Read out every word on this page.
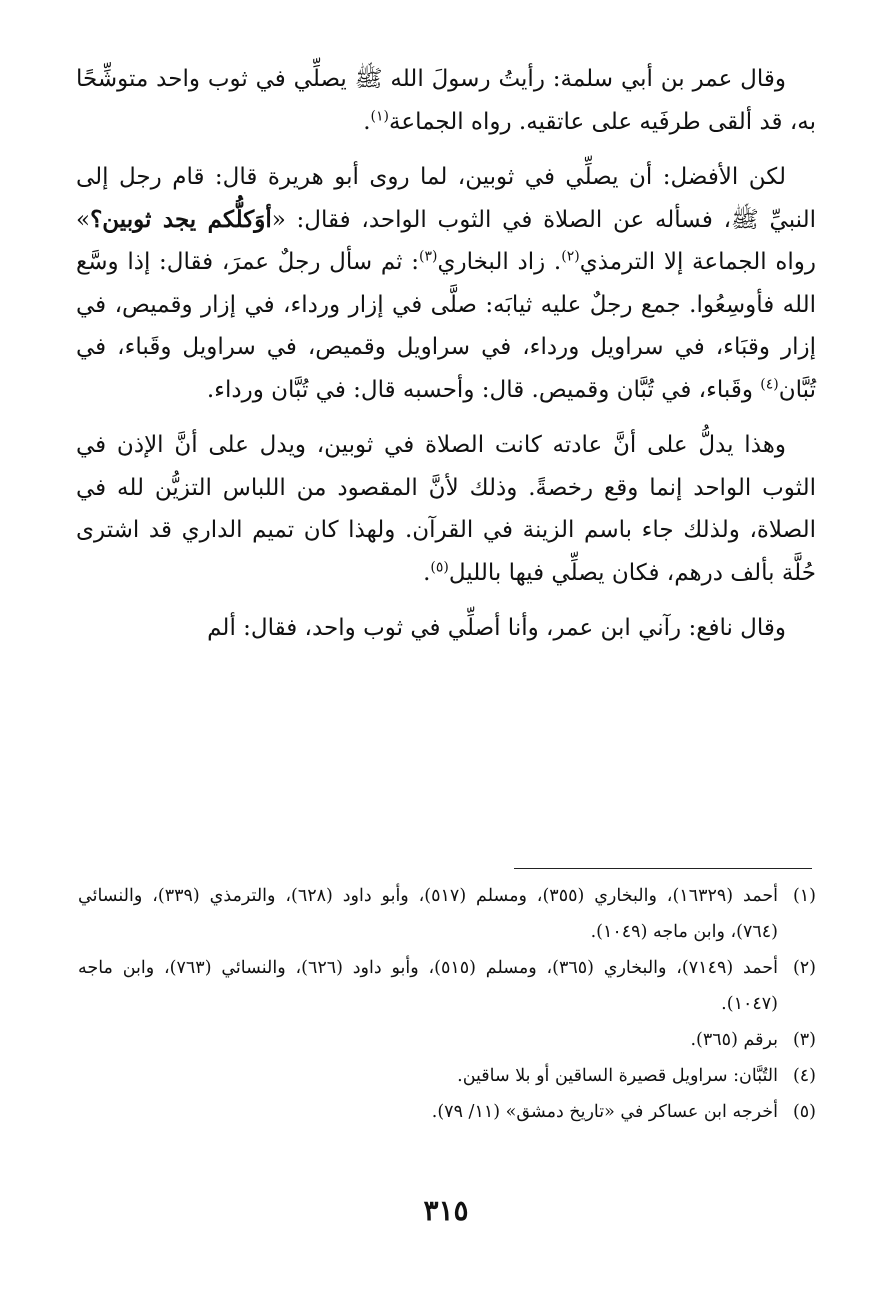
وقال عمر بن أبي سلمة: رأيتُ رسولَ الله ﷺ يصلِّي في ثوب واحد متوشِّحًا به، قد ألقى طرفَيه على عاتقيه. رواه الجماعة$^{(١)}$.

لكن الأفضل: أن يصلِّي في ثوبين، لما روى أبو هريرة قال: قام رجل إلى النبيِّ ﷺ، فسأله عن الصلاة في الثوب الواحد، فقال: «أوَكلُّكم يجد ثوبين؟» رواه الجماعة إلا الترمذي$^{(٢)}$. زاد البخاري$^{(٣)}$: ثم سأل رجلٌ عمرَ، فقال: إذا وسَّع الله فأوسِعُوا. جمع رجلٌ عليه ثيابَه: صلَّى في إزار ورداء، في إزار وقميص، في إزار وقبَاء، في سراويل ورداء، في سراويل وقميص، في سراويل وقَباء، في تُبَّان$^{(٤)}$ وقَباء، في تُبَّان وقميص. قال: وأحسبه قال: في تُبَّان ورداء.

وهذا يدلُّ على أنَّ عادته كانت الصلاة في ثوبين، ويدل على أنَّ الإذن في الثوب الواحد إنما وقع رخصةً. وذلك لأنَّ المقصود من اللباس التزيُّن لله في الصلاة، ولذلك جاء باسم الزينة في القرآن. ولهذا كان تميم الداري قد اشترى حُلَّة بألف درهم، فكان يصلِّي فيها بالليل$^{(٥)}$.

وقال نافع: رآني ابن عمر، وأنا أصلِّي في ثوب واحد، فقال: ألم

(١)
أحمد (١٦٣٢٩)، والبخاري (٣٥٥)، ومسلم (٥١٧)، وأبو داود (٦٢٨)، والترمذي (٣٣٩)، والنسائي (٧٦٤)، وابن ماجه (١٠٤٩).

(٢)
أحمد (٧١٤٩)، والبخاري (٣٦٥)، ومسلم (٥١٥)، وأبو داود (٦٢٦)، والنسائي (٧٦٣)، وابن ماجه (١٠٤٧).

(٣)
برقم (٣٦٥).

(٤)
التُبَّان: سراويل قصيرة الساقين أو بلا ساقين.

(٥)
أخرجه ابن عساكر في «تاريخ دمشق» (١١/ ٧٩).

٣١٥
